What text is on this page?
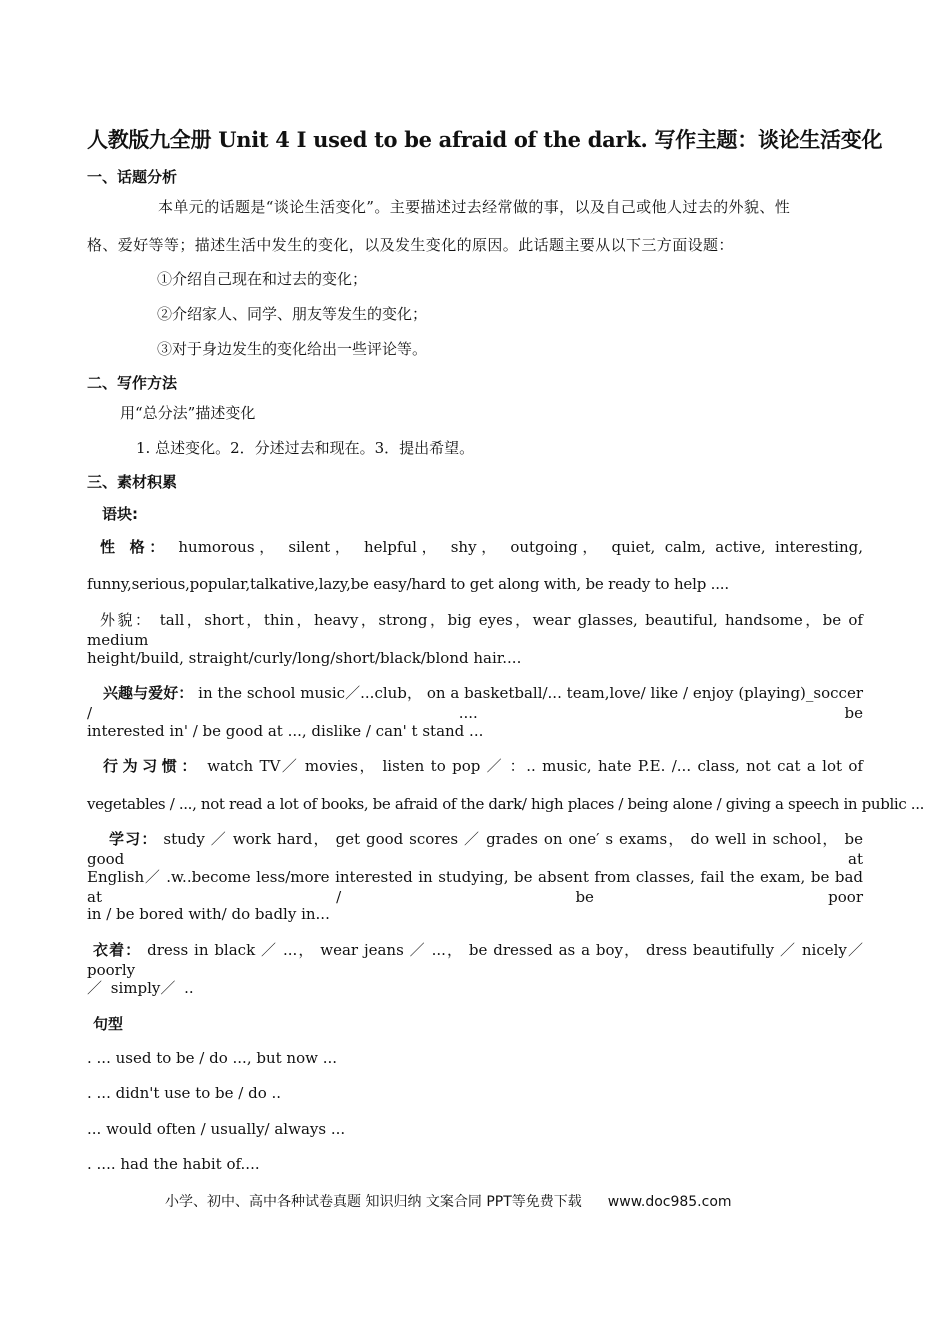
人教版九全册 Unit 4 I used to be afraid of the dark. 写作主题：谈论生活变化
一、话题分析
本单元的话题是“谈论生活变化”。主要描述过去经常做的事，以及自己或他人过去的外貌、性
格、爱好等等；描述生活中发生的变化，以及发生变化的原因。此话题主要从以下三方面设题：
①介绍自己现在和过去的变化；
②介绍家人、同学、朋友等发生的变化；
③对于身边发生的变化给出一些评论等。
二、写作方法
用“总分法”描述变化
1. 总述变化。2．分述过去和现在。3．提出希望。
三、素材积累
语块:
性 格： humorous， silent， helpful， shy， outgoing， quiet, calm, active, interesting,
funny,serious,popular,talkative,lazy,be easy/hard to get along with, be ready to help ....
外貌： tall，short，thin，heavy，strong，big eyes，wear glasses, beautiful, handsome，be of medium
height/build, straight/curly/long/short/black/blond hair....
兴趣与爱好： in the school music／...club， on a basketball/... team,love/ like / enjoy (playing)_soccer / .... be
interested in' / be good at ..., dislike / can' t stand ...
行为习惯： watch TV／ movies， listen to pop ／ ：.. music, hate P.E. /... class, not cat a lot of
vegetables / ..., not read a lot of books, be afraid of the dark/ high places / being alone / giving a speech in public ...
学习： study ／ work hard， get good scores ／ grades on one′ s exams， do well in school， be good at
English／ .w..become less/more interested in studying, be absent from classes, fail the exam, be bad at / be poor
in / be bored with/ do badly in...
衣着： dress in black ／ ...， wear jeans ／ ...， be dressed as a boy， dress beautifully ／ nicely／ poorly
／ simply／ ..
句型
. ... used to be / do ..., but now ...
. ... didn't use to be / do ..
... would often / usually/ always ...
. .... had the habit of....
小学、初中、高中各种试卷真题 知识归纳 文案合同 PPT等免费下载 www.doc985.com
